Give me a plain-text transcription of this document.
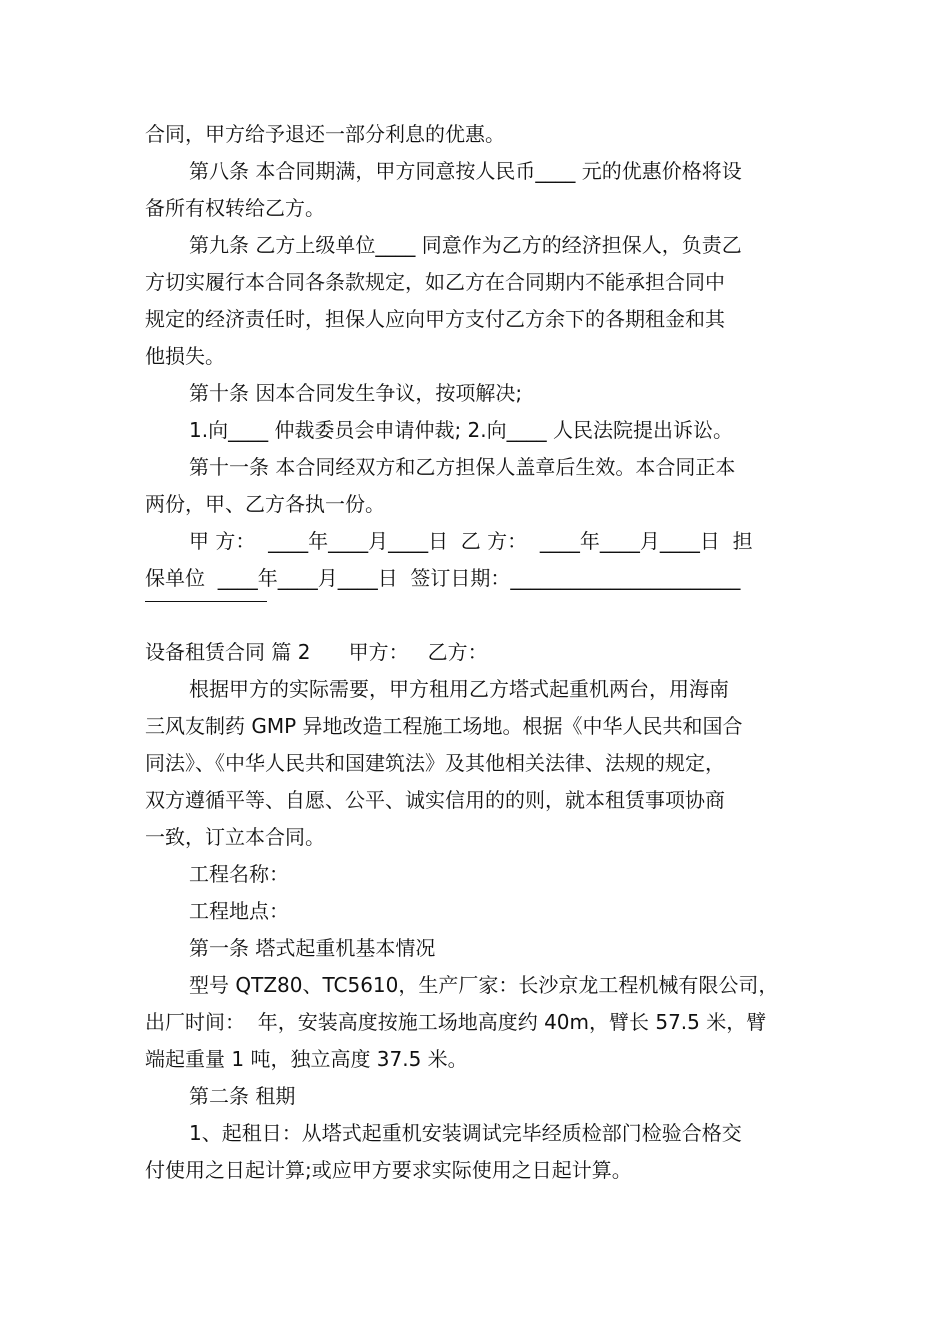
合同，甲方给予退还一部分利息的优惠。
第八条 本合同期满，甲方同意按人民币____ 元的优惠价格将设
备所有权转给乙方。
第九条 乙方上级单位____ 同意作为乙方的经济担保人，负责乙
方切实履行本合同各条款规定，如乙方在合同期内不能承担合同中
规定的经济责任时，担保人应向甲方支付乙方余下的各期租金和其
他损失。
第十条 因本合同发生争议，按项解决;
1.向____ 仲裁委员会申请仲裁; 2.向____ 人民法院提出诉讼。
第十一条 本合同经双方和乙方担保人盖章后生效。本合同正本
两份，甲、乙方各执一份。
甲 方：  ____年____月____日  乙 方：  ____年____月____日  担
保单位  ____年____月____日  签订日期：_______________________
设备租赁合同 篇 2      甲方：   乙方：
根据甲方的实际需要，甲方租用乙方塔式起重机两台，用海南
三风友制药 GMP 异地改造工程施工场地。根据《中华人民共和国合
同法》、《中华人民共和国建筑法》及其他相关法律、法规的规定，
双方遵循平等、自愿、公平、诚实信用的的则，就本租赁事项协商
一致，订立本合同。
工程名称：
工程地点：
第一条 塔式起重机基本情况
型号 QTZ80、TC5610，生产厂家：长沙京龙工程机械有限公司，
出厂时间：  年，安装高度按施工场地高度约 40m，臂长 57.5 米，臂
端起重量 1 吨，独立高度 37.5 米。
第二条 租期
1、起租日：从塔式起重机安装调试完毕经质检部门检验合格交
付使用之日起计算;或应甲方要求实际使用之日起计算。
